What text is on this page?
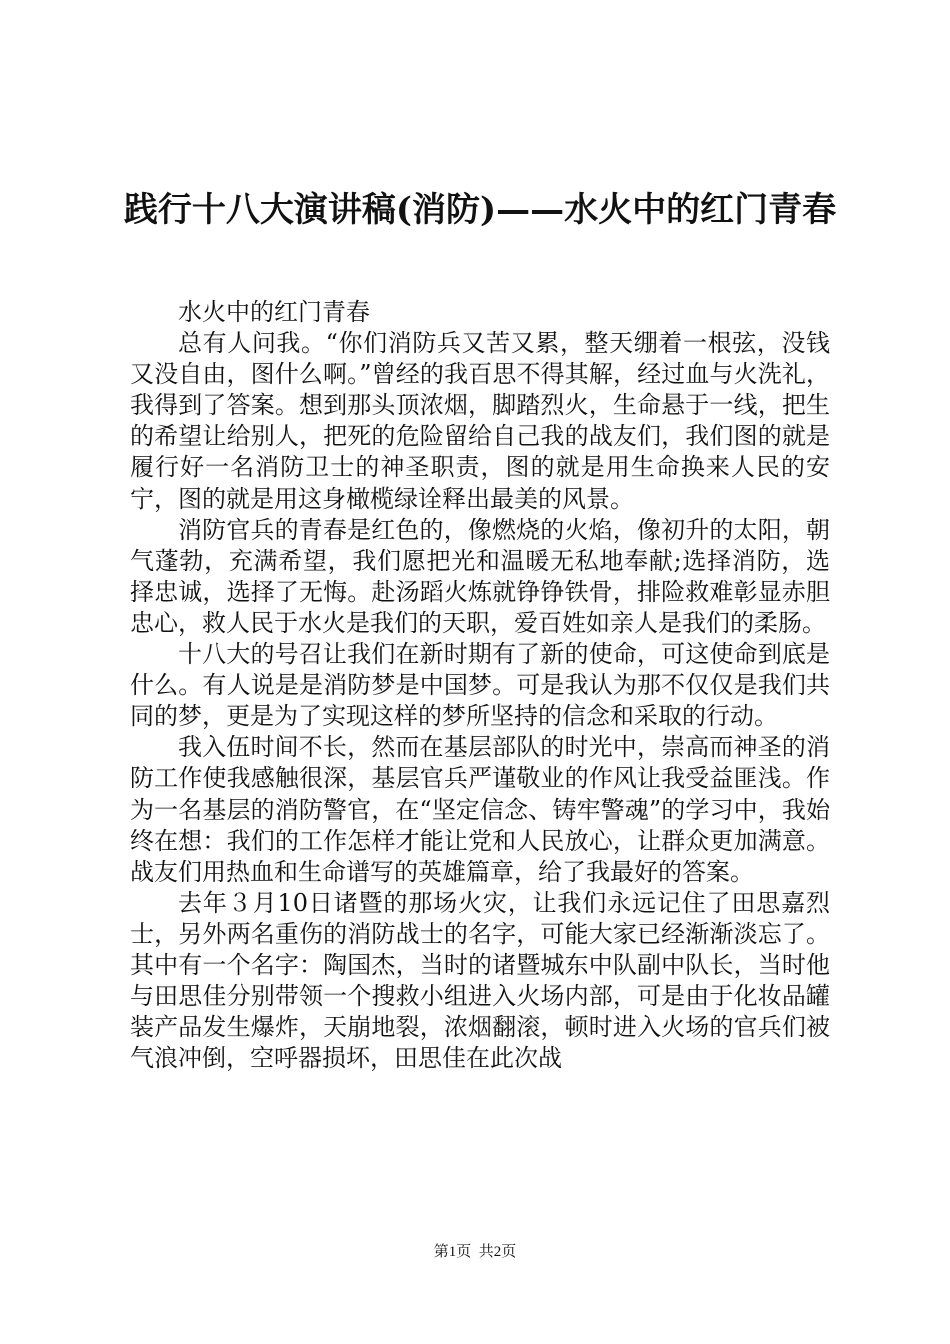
践行十八大演讲稿(消防)——水火中的红门青春

水火中的红门青春

总有人问我。“你们消防兵又苦又累，整天绷着一根弦，没钱又没自由，图什么啊。”曾经的我百思不得其解，经过血与火洗礼，我得到了答案。想到那头顶浓烟，脚踏烈火，生命悬于一线，把生的希望让给别人，把死的危险留给自己我的战友们，我们图的就是履行好一名消防卫士的神圣职责，图的就是用生命换来人民的安宁，图的就是用这身橄榄绿诠释出最美的风景。

消防官兵的青春是红色的，像燃烧的火焰，像初升的太阳，朝气蓬勃，充满希望，我们愿把光和温暖无私地奉献;选择消防，选择忠诚，选择了无悔。赴汤蹈火炼就铮铮铁骨，排险救难彰显赤胆忠心，救人民于水火是我们的天职，爱百姓如亲人是我们的柔肠。

十八大的号召让我们在新时期有了新的使命，可这使命到底是什么。有人说是是消防梦是中国梦。可是我认为那不仅仅是我们共同的梦，更是为了实现这样的梦所坚持的信念和采取的行动。

我入伍时间不长，然而在基层部队的时光中，崇高而神圣的消防工作使我感触很深，基层官兵严谨敬业的作风让我受益匪浅。作为一名基层的消防警官，在“坚定信念、铸牢警魂”的学习中，我始终在想：我们的工作怎样才能让党和人民放心，让群众更加满意。战友们用热血和生命谱写的英雄篇章，给了我最好的答案。

去年３月10日诸暨的那场火灾，让我们永远记住了田思嘉烈士，另外两名重伤的消防战士的名字，可能大家已经渐渐淡忘了。其中有一个名字：陶国杰，当时的诸暨城东中队副中队长，当时他与田思佳分别带领一个搜救小组进入火场内部，可是由于化妆品罐装产品发生爆炸，天崩地裂，浓烟翻滚，顿时进入火场的官兵们被气浪冲倒，空呼器损坏，田思佳在此次战

第1页  共2页
